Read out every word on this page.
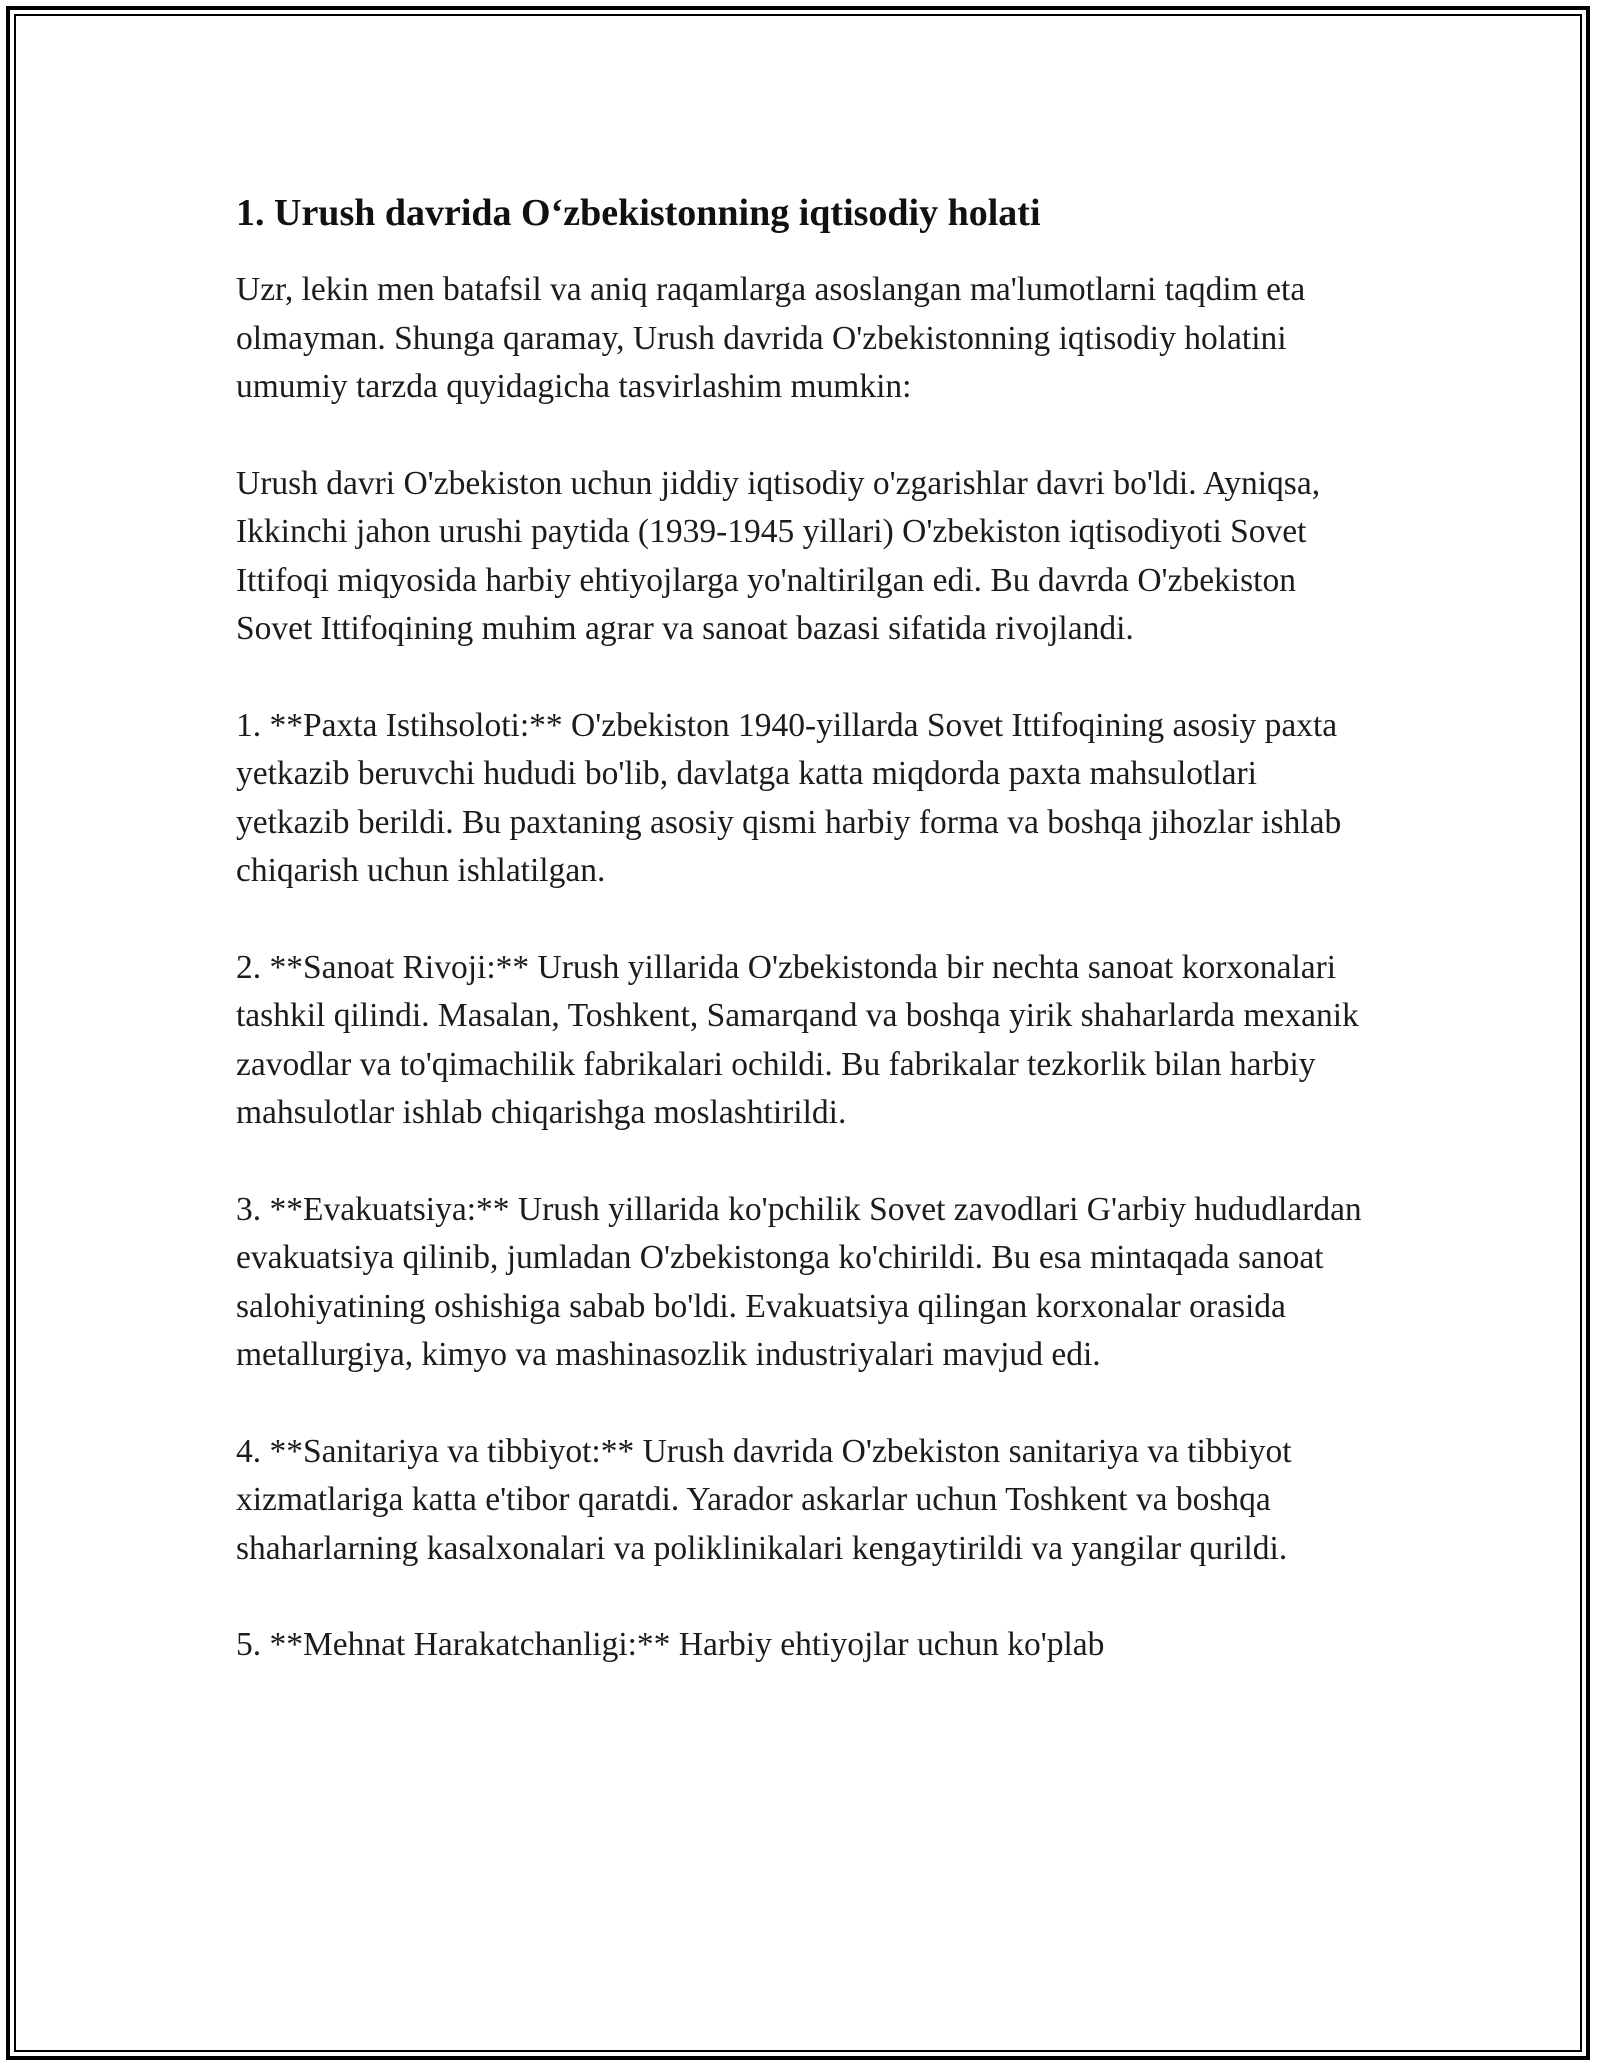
1. Urush davrida O‘zbekistonning iqtisodiy holati

Uzr, lekin men batafsil va aniq raqamlarga asoslangan ma'lumotlarni taqdim eta olmayman. Shunga qaramay, Urush davrida O'zbekistonning iqtisodiy holatini umumiy tarzda quyidagicha tasvirlashim mumkin:

Urush davri O'zbekiston uchun jiddiy iqtisodiy o'zgarishlar davri bo'ldi. Ayniqsa, Ikkinchi jahon urushi paytida (1939-1945 yillari) O'zbekiston iqtisodiyoti Sovet Ittifoqi miqyosida harbiy ehtiyojlarga yo'naltirilgan edi. Bu davrda O'zbekiston Sovet Ittifoqining muhim agrar va sanoat bazasi sifatida rivojlandi.

1. **Paxta Istihsoloti:** O'zbekiston 1940-yillarda Sovet Ittifoqining asosiy paxta yetkazib beruvchi hududi bo'lib, davlatga katta miqdorda paxta mahsulotlari yetkazib berildi. Bu paxtaning asosiy qismi harbiy forma va boshqa jihozlar ishlab chiqarish uchun ishlatilgan.

2. **Sanoat Rivoji:** Urush yillarida O'zbekistonda bir nechta sanoat korxonalari tashkil qilindi. Masalan, Toshkent, Samarqand va boshqa yirik shaharlarda mexanik zavodlar va to'qimachilik fabrikalari ochildi. Bu fabrikalar tezkorlik bilan harbiy mahsulotlar ishlab chiqarishga moslashtirildi.

3. **Evakuatsiya:** Urush yillarida ko'pchilik Sovet zavodlari G'arbiy hududlardan evakuatsiya qilinib, jumladan O'zbekistonga ko'chirildi. Bu esa mintaqada sanoat salohiyatining oshishiga sabab bo'ldi. Evakuatsiya qilingan korxonalar orasida metallurgiya, kimyo va mashinasozlik industriyalari mavjud edi.

4. **Sanitariya va tibbiyot:** Urush davrida O'zbekiston sanitariya va tibbiyot xizmatlariga katta e'tibor qaratdi. Yarador askarlar uchun Toshkent va boshqa shaharlarning kasalxonalari va poliklinikalari kengaytirildi va yangilar qurildi.

5. **Mehnat Harakatchanligi:** Harbiy ehtiyojlar uchun ko'plab
